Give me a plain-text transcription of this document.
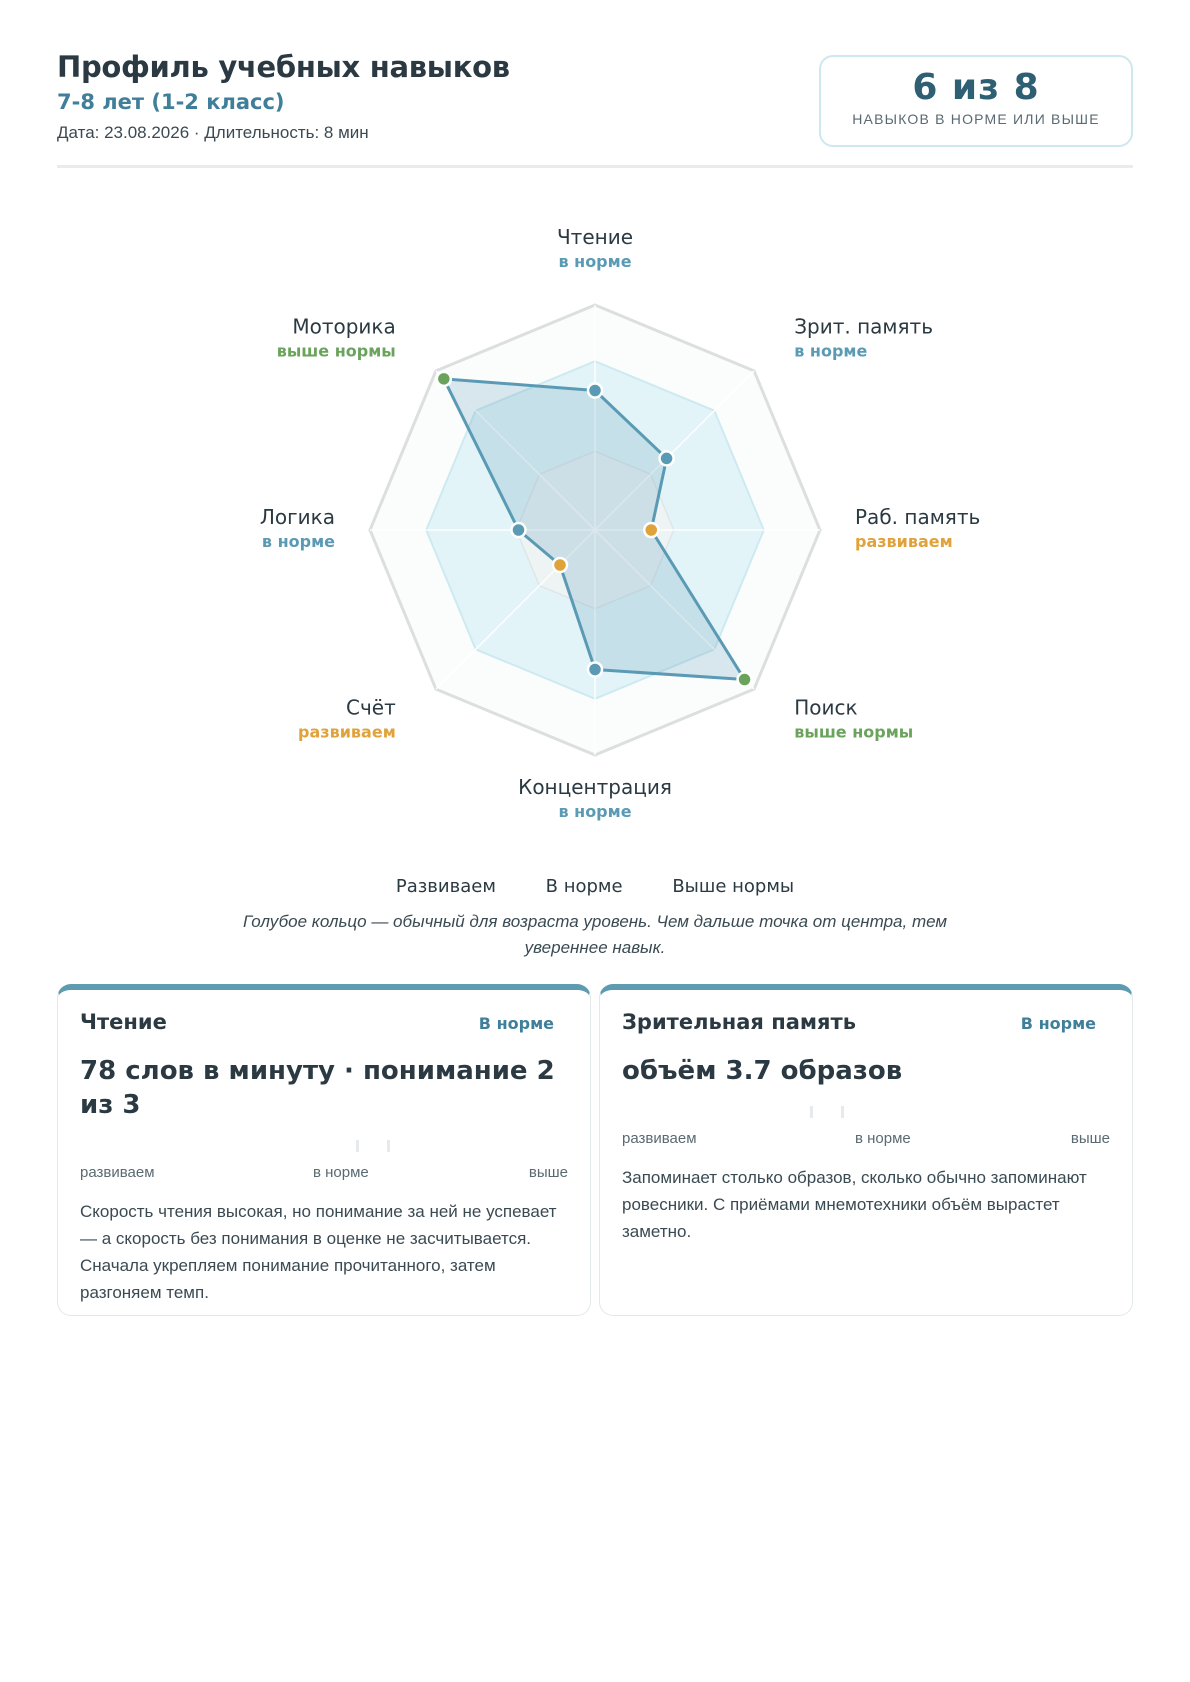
Профиль учебных навыков
7-8 лет (1-2 класс)
Дата: 23.08.2026 · Длительность: 8 мин
6 из 8
НАВЫКОВ В НОРМЕ ИЛИ ВЫШЕ
Чтение
в норме
Зрит. память
в норме
Раб. память
развиваем
Поиск
выше нормы
Концентрация
в норме
Счёт
развиваем
Логика
в норме
Моторика
выше нормы
Развиваем	В норме	Выше нормы
Голубое кольцо — обычный для возраста уровень. Чем дальше точка от центра, тем увереннее навык.
Чтение	В норме
78 слов в минуту · понимание 2 из 3
развиваем	в норме	выше
Скорость чтения высокая, но понимание за ней не успевает — а скорость без понимания в оценке не засчитывается. Сначала укрепляем понимание прочитанного, затем разгоняем темп.
Зрительная память	В норме
объём 3.7 образов
развиваем	в норме	выше
Запоминает столько образов, сколько обычно запоминают ровесники. С приёмами мнемотехники объём вырастет заметно.
